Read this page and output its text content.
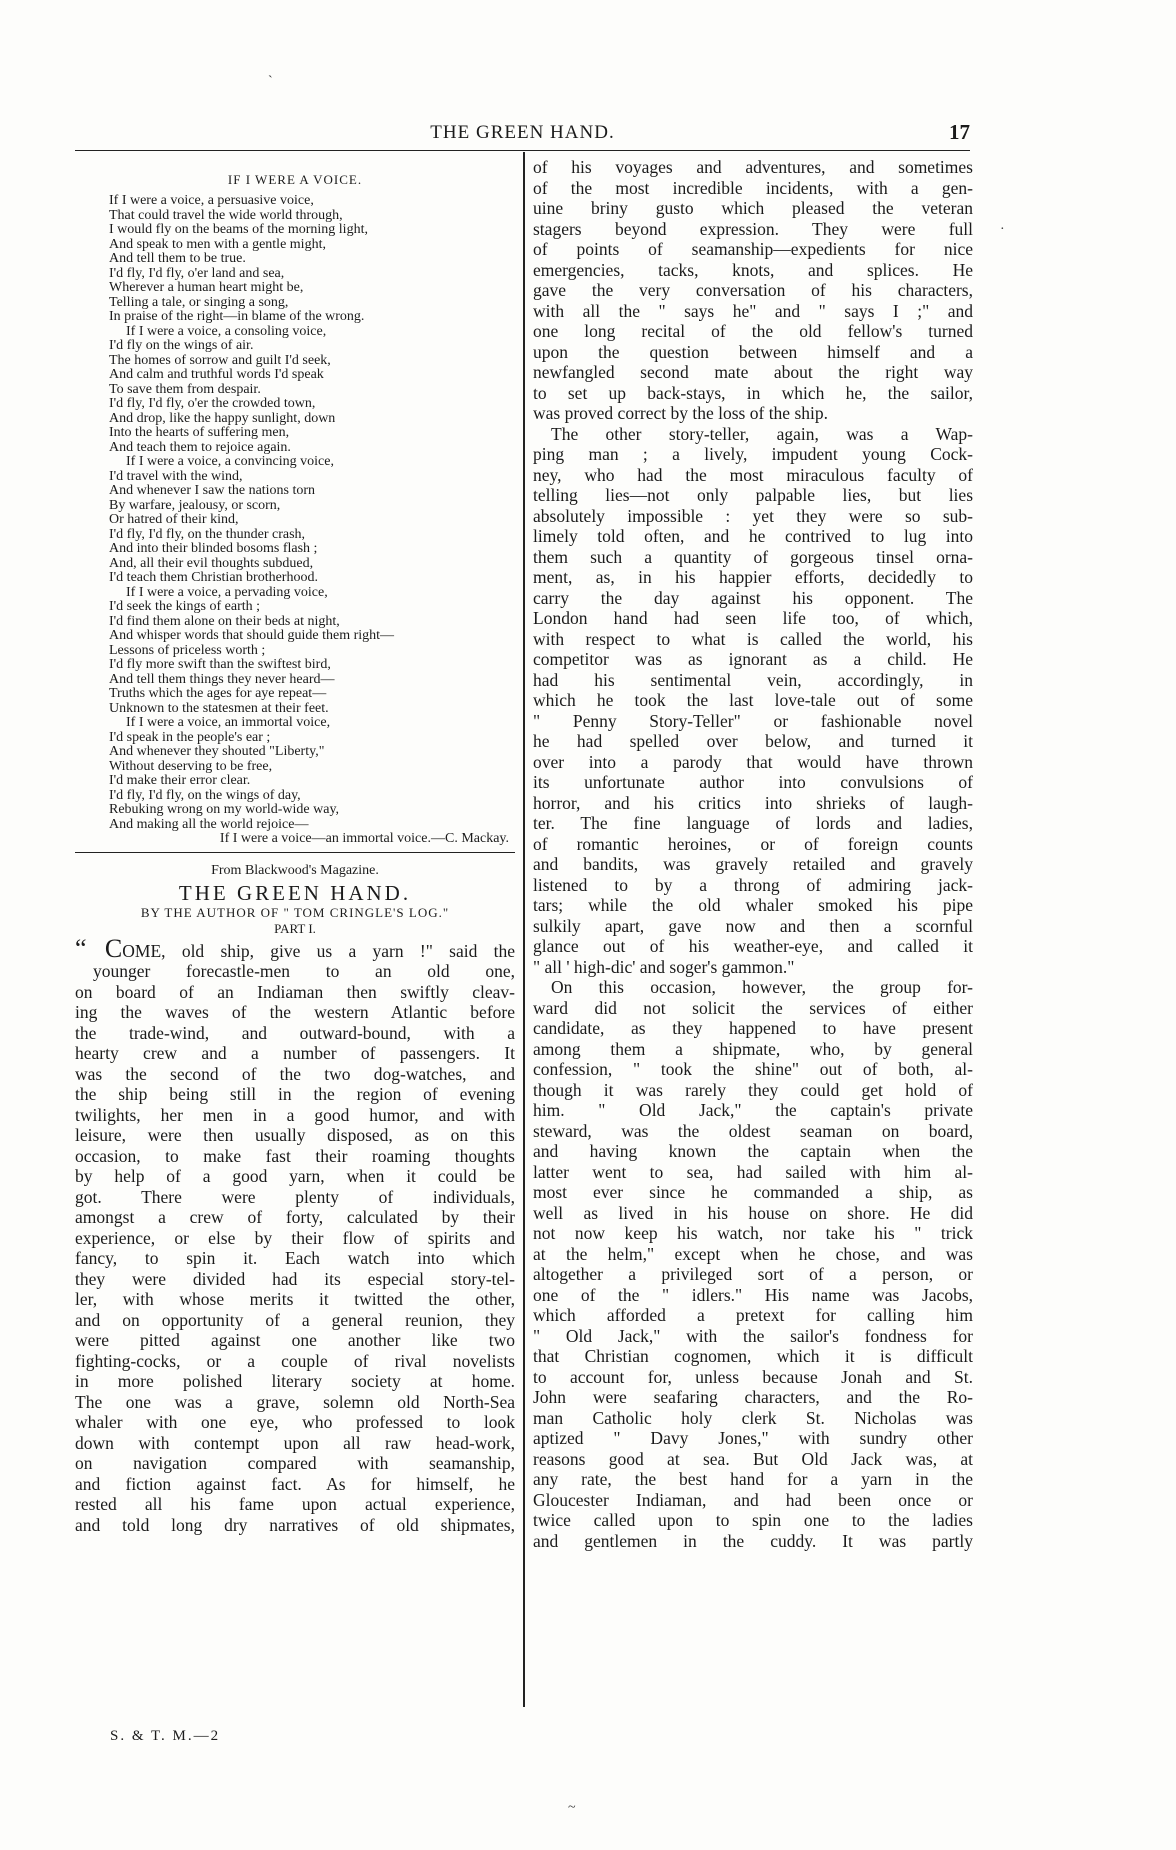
THE GREEN HAND.	17
ˋ
·
~
IF I WERE A VOICE.
If I were a voice, a persuasive voice,
That could travel the wide world through,
I would fly on the beams of the morning light,
And speak to men with a gentle might,
And tell them to be true.
I'd fly, I'd fly, o'er land and sea,
Wherever a human heart might be,
Telling a tale, or singing a song,
In praise of the right—in blame of the wrong.
If I were a voice, a consoling voice,
I'd fly on the wings of air.
The homes of sorrow and guilt I'd seek,
And calm and truthful words I'd speak
To save them from despair.
I'd fly, I'd fly, o'er the crowded town,
And drop, like the happy sunlight, down
Into the hearts of suffering men,
And teach them to rejoice again.
If I were a voice, a convincing voice,
I'd travel with the wind,
And whenever I saw the nations torn
By warfare, jealousy, or scorn,
Or hatred of their kind,
I'd fly, I'd fly, on the thunder crash,
And into their blinded bosoms flash ;
And, all their evil thoughts subdued,
I'd teach them Christian brotherhood.
If I were a voice, a pervading voice,
I'd seek the kings of earth ;
I'd find them alone on their beds at night,
And whisper words that should guide them right—
Lessons of priceless worth ;
I'd fly more swift than the swiftest bird,
And tell them things they never heard—
Truths which the ages for aye repeat—
Unknown to the statesmen at their feet.
If I were a voice, an immortal voice,
I'd speak in the people's ear ;
And whenever they shouted "Liberty,"
Without deserving to be free,
I'd make their error clear.
I'd fly, I'd fly, on the wings of day,
Rebuking wrong on my world-wide way,
And making all the world rejoice—
If I were a voice—an immortal voice.—C. Mackay.
From Blackwood's Magazine.
THE GREEN HAND.
BY THE AUTHOR OF " TOM CRINGLE'S LOG."
PART I.
“ COME, old ship, give us a yarn !" said the
younger forecastle-men to an old one,
on board of an Indiaman then swiftly cleav-
ing the waves of the western Atlantic before
the trade-wind, and outward-bound, with a
hearty crew and a number of passengers. It
was the second of the two dog-watches, and
the ship being still in the region of evening
twilights, her men in a good humor, and with
leisure, were then usually disposed, as on this
occasion, to make fast their roaming thoughts
by help of a good yarn, when it could be
got. There were plenty of individuals,
amongst a crew of forty, calculated by their
experience, or else by their flow of spirits and
fancy, to spin it. Each watch into which
they were divided had its especial story-tel-
ler, with whose merits it twitted the other,
and on opportunity of a general reunion, they
were pitted against one another like two
fighting-cocks, or a couple of rival novelists
in more polished literary society at home.
The one was a grave, solemn old North-Sea
whaler with one eye, who professed to look
down with contempt upon all raw head-work,
on navigation compared with seamanship,
and fiction against fact. As for himself, he
rested all his fame upon actual experience,
and told long dry narratives of old shipmates,
of his voyages and adventures, and sometimes
of the most incredible incidents, with a gen-
uine briny gusto which pleased the veteran
stagers beyond expression. They were full
of points of seamanship—expedients for nice
emergencies, tacks, knots, and splices. He
gave the very conversation of his characters,
with all the " says he" and " says I ;" and
one long recital of the old fellow's turned
upon the question between himself and a
newfangled second mate about the right way
to set up back-stays, in which he, the sailor,
was proved correct by the loss of the ship.
The other story-teller, again, was a Wap-
ping man ; a lively, impudent young Cock-
ney, who had the most miraculous faculty of
telling lies—not only palpable lies, but lies
absolutely impossible : yet they were so sub-
limely told often, and he contrived to lug into
them such a quantity of gorgeous tinsel orna-
ment, as, in his happier efforts, decidedly to
carry the day against his opponent. The
London hand had seen life too, of which,
with respect to what is called the world, his
competitor was as ignorant as a child. He
had his sentimental vein, accordingly, in
which he took the last love-tale out of some
" Penny Story-Teller" or fashionable novel
he had spelled over below, and turned it
over into a parody that would have thrown
its unfortunate author into convulsions of
horror, and his critics into shrieks of laugh-
ter. The fine language of lords and ladies,
of romantic heroines, or of foreign counts
and bandits, was gravely retailed and gravely
listened to by a throng of admiring jack-
tars; while the old whaler smoked his pipe
sulkily apart, gave now and then a scornful
glance out of his weather-eye, and called it
" all ' high-dic' and soger's gammon."
On this occasion, however, the group for-
ward did not solicit the services of either
candidate, as they happened to have present
among them a shipmate, who, by general
confession, " took the shine" out of both, al-
though it was rarely they could get hold of
him. " Old Jack," the captain's private
steward, was the oldest seaman on board,
and having known the captain when the
latter went to sea, had sailed with him al-
most ever since he commanded a ship, as
well as lived in his house on shore. He did
not now keep his watch, nor take his " trick
at the helm," except when he chose, and was
altogether a privileged sort of a person, or
one of the " idlers." His name was Jacobs,
which afforded a pretext for calling him
" Old Jack," with the sailor's fondness for
that Christian cognomen, which it is difficult
to account for, unless because Jonah and St.
John were seafaring characters, and the Ro-
man Catholic holy clerk St. Nicholas was
aptized " Davy Jones," with sundry other
reasons good at sea. But Old Jack was, at
any rate, the best hand for a yarn in the
Gloucester Indiaman, and had been once or
twice called upon to spin one to the ladies
and gentlemen in the cuddy. It was partly
S. & T. M.—2
